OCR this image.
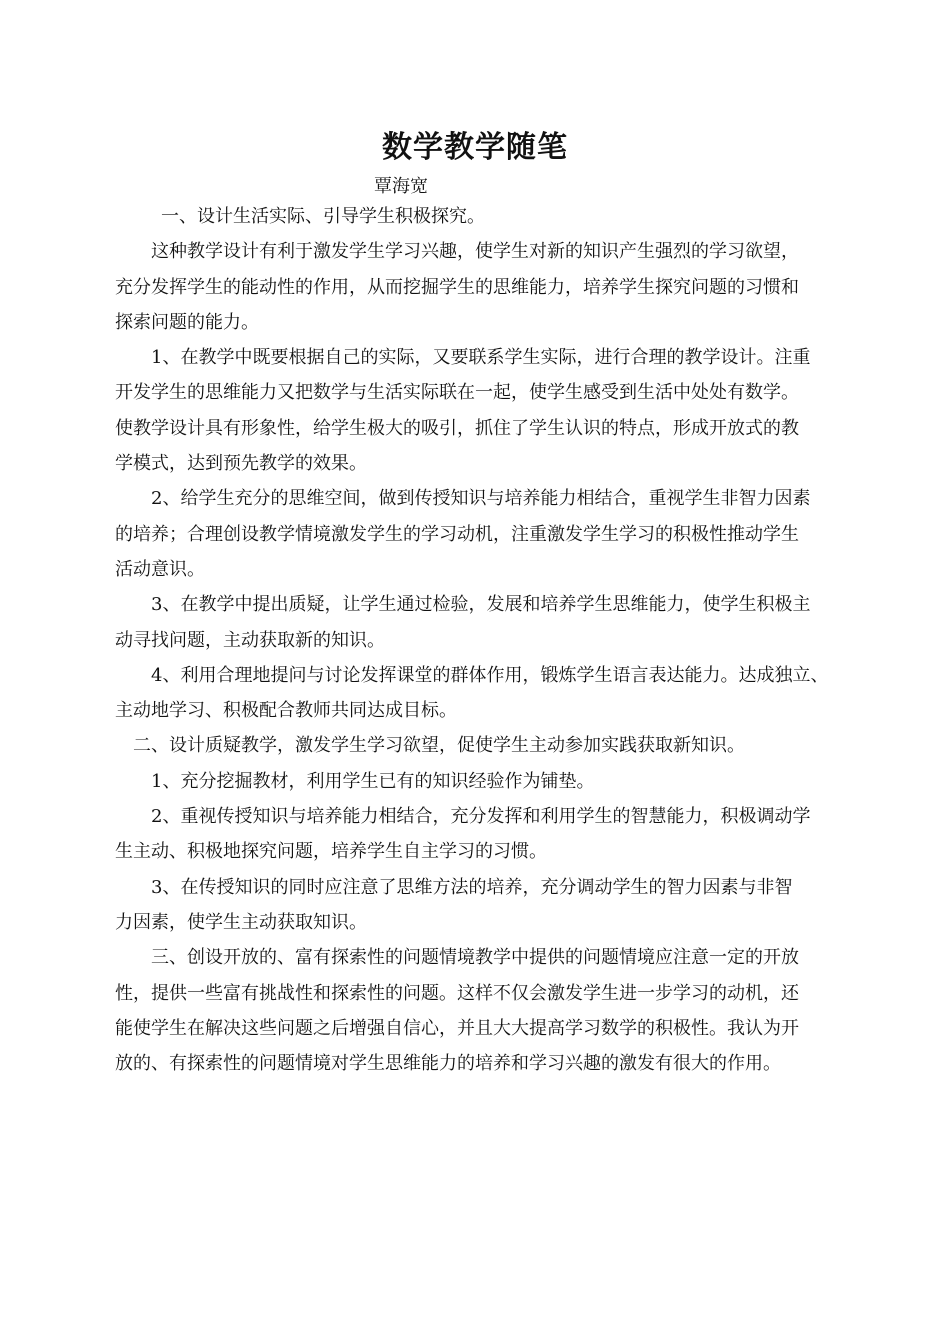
数学教学随笔
覃海宽

一、设计生活实际、引导学生积极探究。

这种教学设计有利于激发学生学习兴趣，使学生对新的知识产生强烈的学习欲望，

充分发挥学生的能动性的作用，从而挖掘学生的思维能力，培养学生探究问题的习惯和

探索问题的能力。

1、在教学中既要根据自己的实际，又要联系学生实际，进行合理的教学设计。注重

开发学生的思维能力又把数学与生活实际联在一起，使学生感受到生活中处处有数学。

使教学设计具有形象性，给学生极大的吸引，抓住了学生认识的特点，形成开放式的教

学模式，达到预先教学的效果。

2、给学生充分的思维空间，做到传授知识与培养能力相结合，重视学生非智力因素

的培养；合理创设教学情境激发学生的学习动机，注重激发学生学习的积极性推动学生

活动意识。

3、在教学中提出质疑，让学生通过检验，发展和培养学生思维能力，使学生积极主

动寻找问题，主动获取新的知识。

4、利用合理地提问与讨论发挥课堂的群体作用，锻炼学生语言表达能力。达成独立、

主动地学习、积极配合教师共同达成目标。

二、设计质疑教学，激发学生学习欲望，促使学生主动参加实践获取新知识。

1、充分挖掘教材，利用学生已有的知识经验作为铺垫。

2、重视传授知识与培养能力相结合，充分发挥和利用学生的智慧能力，积极调动学

生主动、积极地探究问题，培养学生自主学习的习惯。

3、在传授知识的同时应注意了思维方法的培养，充分调动学生的智力因素与非智

力因素，使学生主动获取知识。

三、创设开放的、富有探索性的问题情境教学中提供的问题情境应注意一定的开放

性，提供一些富有挑战性和探索性的问题。这样不仅会激发学生进一步学习的动机，还

能使学生在解决这些问题之后增强自信心，并且大大提高学习数学的积极性。我认为开

放的、有探索性的问题情境对学生思维能力的培养和学习兴趣的激发有很大的作用。
